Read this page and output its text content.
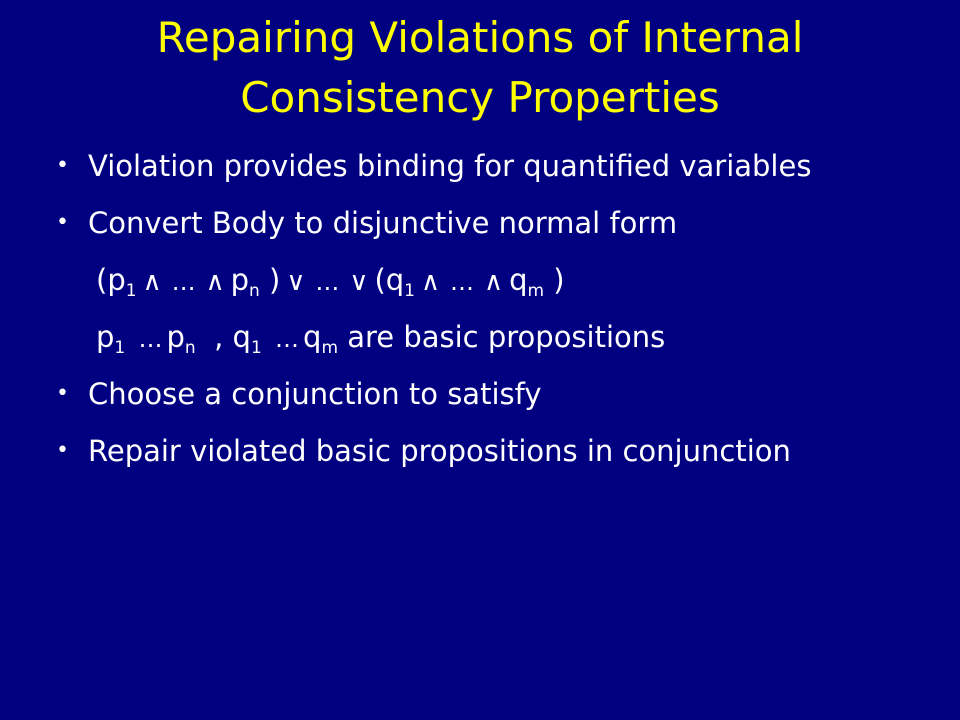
Repairing Violations of Internal
Consistency Properties
• Violation provides binding for quantified variables
• Convert Body to disjunctive normal form
($p_1$ ∧ … ∧ $p_n$ ) ∨ … ∨ ($q_1$ ∧ … ∧ $q_m$ )
$p_1$ … $p_n$ , $q_1$ … $q_m$ are basic propositions
• Choose a conjunction to satisfy
• Repair violated basic propositions in conjunction
